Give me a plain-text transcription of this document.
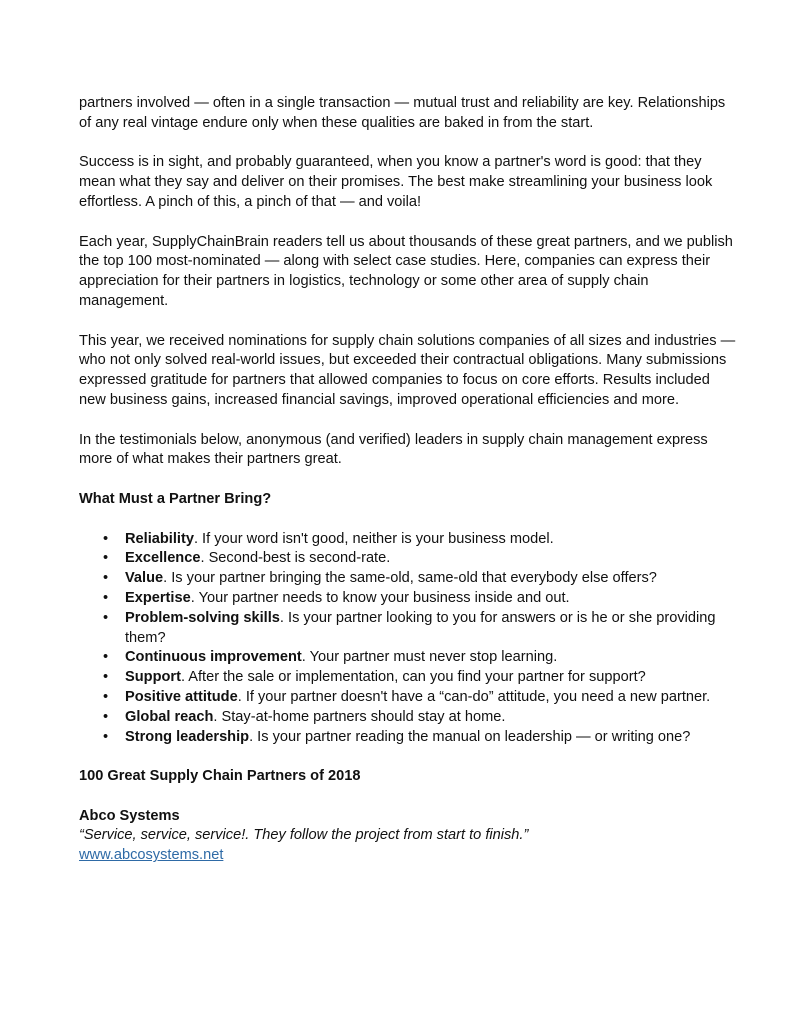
partners involved — often in a single transaction — mutual trust and reliability are key. Relationships of any real vintage endure only when these qualities are baked in from the start.

Success is in sight, and probably guaranteed, when you know a partner's word is good: that they mean what they say and deliver on their promises. The best make streamlining your business look effortless. A pinch of this, a pinch of that — and voila!

Each year, SupplyChainBrain readers tell us about thousands of these great partners, and we publish the top 100 most-nominated — along with select case studies. Here, companies can express their appreciation for their partners in logistics, technology or some other area of supply chain management.

This year, we received nominations for supply chain solutions companies of all sizes and industries — who not only solved real-world issues, but exceeded their contractual obligations. Many submissions expressed gratitude for partners that allowed companies to focus on core efforts. Results included new business gains, increased financial savings, improved operational efficiencies and more.

In the testimonials below, anonymous (and verified) leaders in supply chain management express more of what makes their partners great.

What Must a Partner Bring?
• Reliability. If your word isn't good, neither is your business model.
• Excellence. Second-best is second-rate.
• Value. Is your partner bringing the same-old, same-old that everybody else offers?
• Expertise. Your partner needs to know your business inside and out.
• Problem-solving skills. Is your partner looking to you for answers or is he or she providing them?
• Continuous improvement. Your partner must never stop learning.
• Support. After the sale or implementation, can you find your partner for support?
• Positive attitude. If your partner doesn't have a “can-do” attitude, you need a new partner.
• Global reach. Stay-at-home partners should stay at home.
• Strong leadership. Is your partner reading the manual on leadership — or writing one?
100 Great Supply Chain Partners of 2018
Abco Systems
“Service, service, service!. They follow the project from start to finish.”
www.abcosystems.net
